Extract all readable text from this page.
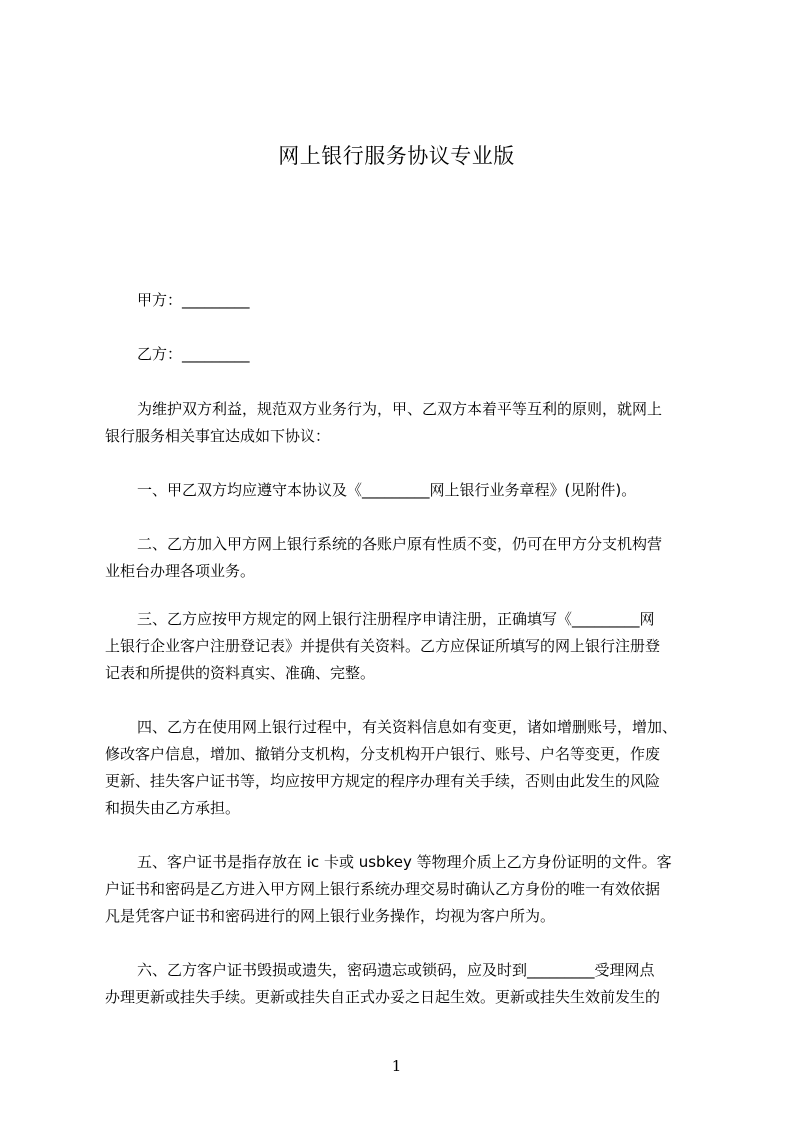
网上银行服务协议专业版
甲方：_________
乙方：_________
为维护双方利益，规范双方业务行为，甲、乙双方本着平等互利的原则，就网上
银行服务相关事宜达成如下协议：
一、甲乙双方均应遵守本协议及《_________网上银行业务章程》(见附件)。
二、乙方加入甲方网上银行系统的各账户原有性质不变，仍可在甲方分支机构营
业柜台办理各项业务。
三、乙方应按甲方规定的网上银行注册程序申请注册，正确填写《_________网
上银行企业客户注册登记表》并提供有关资料。乙方应保证所填写的网上银行注册登
记表和所提供的资料真实、准确、完整。
四、乙方在使用网上银行过程中，有关资料信息如有变更，诸如增删账号，增加、
修改客户信息，增加、撤销分支机构，分支机构开户银行、账号、户名等变更，作废
更新、挂失客户证书等，均应按甲方规定的程序办理有关手续，否则由此发生的风险
和损失由乙方承担。
五、客户证书是指存放在 ic 卡或 usbkey 等物理介质上乙方身份证明的文件。客
户证书和密码是乙方进入甲方网上银行系统办理交易时确认乙方身份的唯一有效依据
凡是凭客户证书和密码进行的网上银行业务操作，均视为客户所为。
六、乙方客户证书毁损或遗失，密码遗忘或锁码，应及时到_________受理网点
办理更新或挂失手续。更新或挂失自正式办妥之日起生效。更新或挂失生效前发生的
1
